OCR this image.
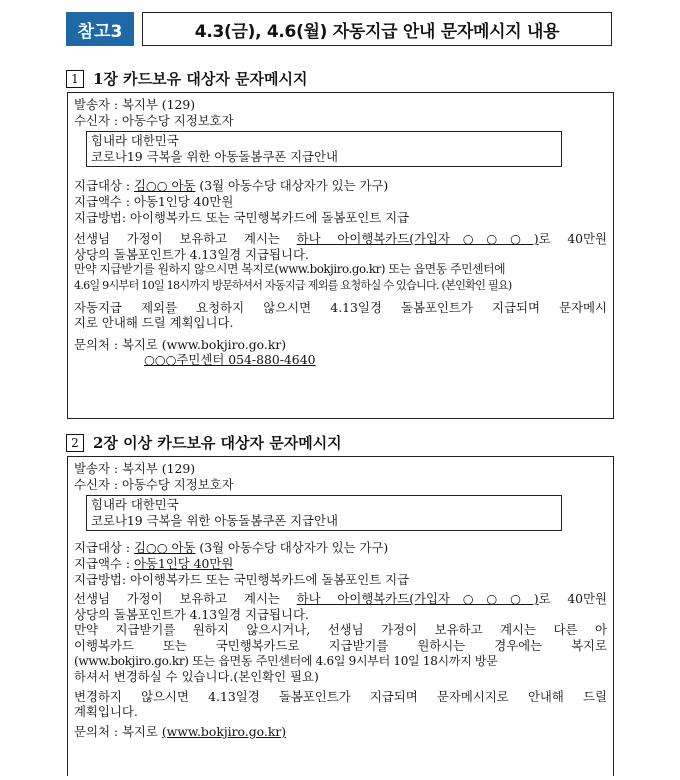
참고3	4.3(금), 4.6(월) 자동지급 안내 문자메시지 내용
1 1장 카드보유 대상자 문자메시지
발송자 : 복지부 (129)
수신자 : 아동수당 지정보호자
힘내라 대한민국
코로나19 극복을 위한 아동돌봄쿠폰 지급안내
지급대상 : 김○○ 아동 (3월 아동수당 대상자가 있는 가구)
지급액수 : 아동1인당 40만원
지급방법: 아이행복카드 또는 국민행복카드에 돌봄포인트 지급
선생님 가정이 보유하고 계시는 하나 아이행복카드(가입자○○○)로 40만원
상당의 돌봄포인트가 4.13일경 지급됩니다.
만약 지급받기를 원하지 않으시면 복지로(www.bokjiro.go.kr) 또는 읍면동 주민센터에
4.6일 9시부터 10일 18시까지 방문하셔서 자동지급 제외를 요청하실 수 있습니다. (본인확인 필요)
자동지급 제외를 요청하지 않으시면 4.13일경 돌봄포인트가 지급되며 문자메시
지로 안내해 드릴 계획입니다.
문의처 : 복지로 (www.bokjiro.go.kr)
○○○주민센터 054-880-4640
2 2장 이상 카드보유 대상자 문자메시지
발송자 : 복지부 (129)
수신자 : 아동수당 지정보호자
힘내라 대한민국
코로나19 극복을 위한 아동돌봄쿠폰 지급안내
지급대상 : 김○○ 아동 (3월 아동수당 대상자가 있는 가구)
지급액수 : 아동1인당 40만원
지급방법: 아이행복카드 또는 국민행복카드에 돌봄포인트 지급
선생님 가정이 보유하고 계시는 하나 아이행복카드(가입자○○○)로 40만원
상당의 돌봄포인트가 4.13일경 지급됩니다.
만약 지급받기를 원하지 않으시거나, 선생님 가정이 보유하고 계시는 다른 아
이행복카드 또는 국민행복카드로 지급받기를 원하시는 경우에는 복지로
(www.bokjiro.go.kr) 또는 읍면동 주민센터에 4.6일 9시부터 10일 18시까지 방문
하셔서 변경하실 수 있습니다.(본인확인 필요)
변경하지 않으시면 4.13일경 돌봄포인트가 지급되며 문자메시지로 안내해 드릴
계획입니다.
문의처 : 복지로 (www.bokjiro.go.kr)
